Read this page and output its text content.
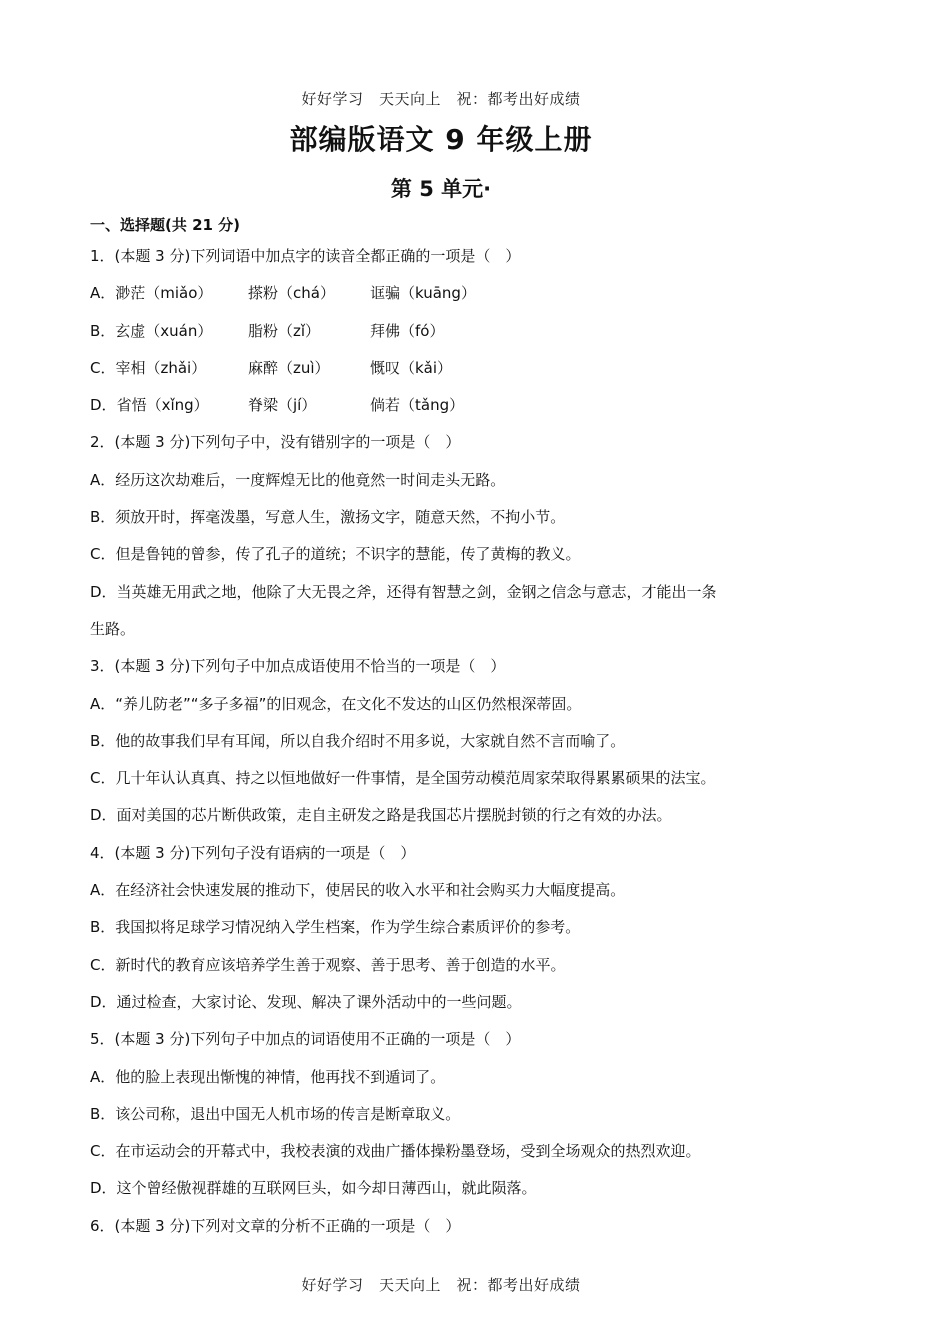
好好学习　天天向上　祝：都考出好成绩
部编版语文 9 年级上册
第 5 单元·
一、选择题(共 21 分)
1．(本题 3 分)下列词语中加点字的读音全都正确的一项是（　）
A．渺茫（miǎo） 搽粉（chá） 诓骗（kuāng）
B．玄虚（xuán） 脂粉（zǐ）	拜佛（fó）
C．宰相（zhǎi）	麻醉（zuì）	慨叹（kǎi）
D．省悟（xǐng）	脊梁（jí）	倘若（tǎng）
2．(本题 3 分)下列句子中，没有错别字的一项是（　）
A．经历这次劫难后，一度辉煌无比的他竟然一时间走头无路。
B．须放开时，挥毫泼墨，写意人生，激扬文字，随意天然，不拘小节。
C．但是鲁钝的曾参，传了孔子的道统；不识字的慧能，传了黄梅的教义。
D．当英雄无用武之地，他除了大无畏之斧，还得有智慧之剑，金钢之信念与意志，才能出一条
生路。
3．(本题 3 分)下列句子中加点成语使用不恰当的一项是（　）
A．“养儿防老”“多子多福”的旧观念，在文化不发达的山区仍然根深蒂固。
B．他的故事我们早有耳闻，所以自我介绍时不用多说，大家就自然不言而喻了。
C．几十年认认真真、持之以恒地做好一件事情，是全国劳动模范周家荣取得累累硕果的法宝。
D．面对美国的芯片断供政策，走自主研发之路是我国芯片摆脱封锁的行之有效的办法。
4．(本题 3 分)下列句子没有语病的一项是（　）
A．在经济社会快速发展的推动下，使居民的收入水平和社会购买力大幅度提高。
B．我国拟将足球学习情况纳入学生档案，作为学生综合素质评价的参考。
C．新时代的教育应该培养学生善于观察、善于思考、善于创造的水平。
D．通过检查，大家讨论、发现、解决了课外活动中的一些问题。
5．(本题 3 分)下列句子中加点的词语使用不正确的一项是（　）
A．他的脸上表现出惭愧的神情，他再找不到遁词了。
B．该公司称，退出中国无人机市场的传言是断章取义。
C．在市运动会的开幕式中，我校表演的戏曲广播体操粉墨登场，受到全场观众的热烈欢迎。
D．这个曾经傲视群雄的互联网巨头，如今却日薄西山，就此陨落。
6．(本题 3 分)下列对文章的分析不正确的一项是（　）
好好学习　天天向上　祝：都考出好成绩
